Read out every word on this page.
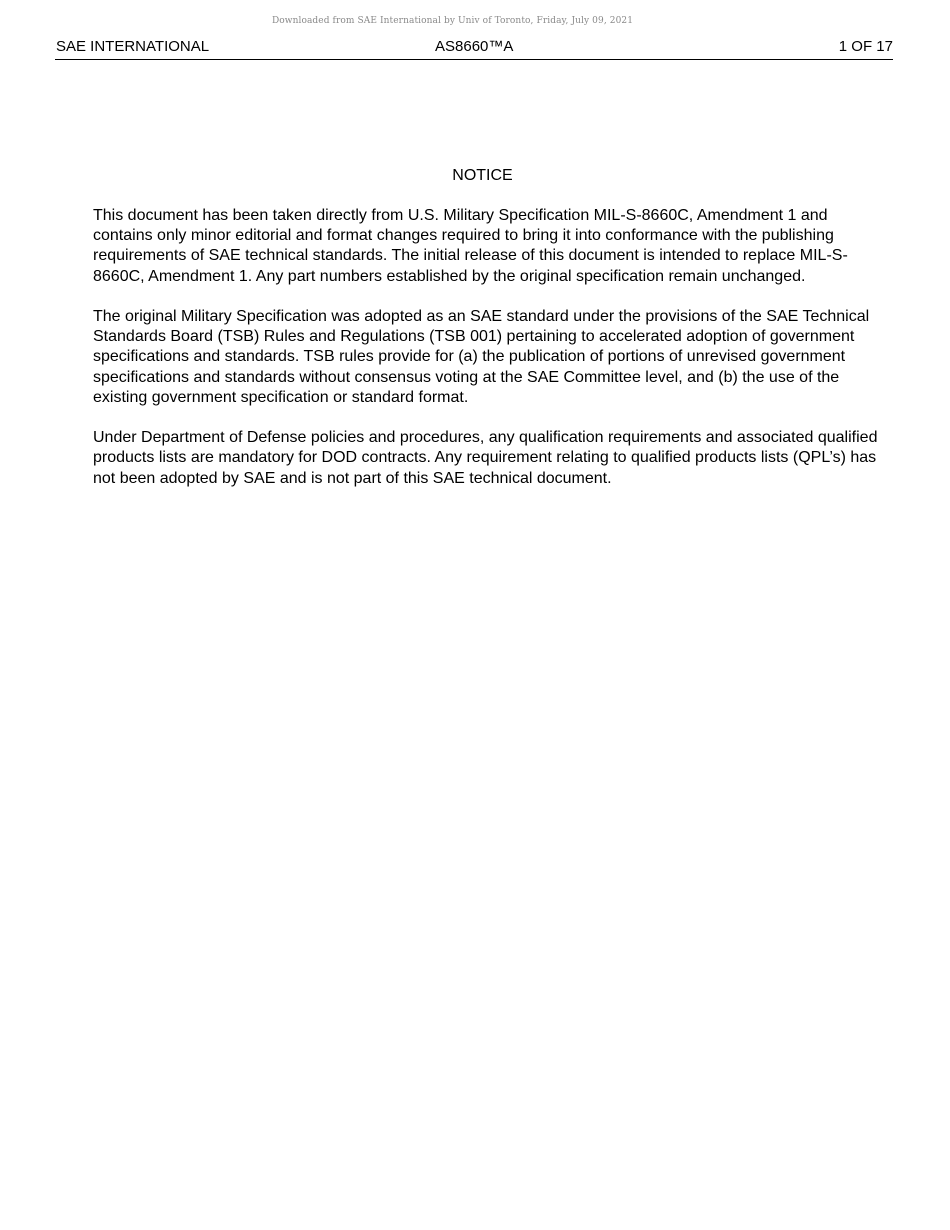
Downloaded from SAE International by Univ of Toronto, Friday, July 09, 2021
SAE INTERNATIONAL	AS8660™A	1 OF 17
NOTICE

This document has been taken directly from U.S. Military Specification MIL-S-8660C, Amendment 1 and contains only minor editorial and format changes required to bring it into conformance with the publishing requirements of SAE technical standards. The initial release of this document is intended to replace MIL-S-8660C, Amendment 1. Any part numbers established by the original specification remain unchanged.

The original Military Specification was adopted as an SAE standard under the provisions of the SAE Technical Standards Board (TSB) Rules and Regulations (TSB 001) pertaining to accelerated adoption of government specifications and standards. TSB rules provide for (a) the publication of portions of unrevised government specifications and standards without consensus voting at the SAE Committee level, and (b) the use of the existing government specification or standard format.

Under Department of Defense policies and procedures, any qualification requirements and associated qualified products lists are mandatory for DOD contracts. Any requirement relating to qualified products lists (QPL’s) has not been adopted by SAE and is not part of this SAE technical document.
